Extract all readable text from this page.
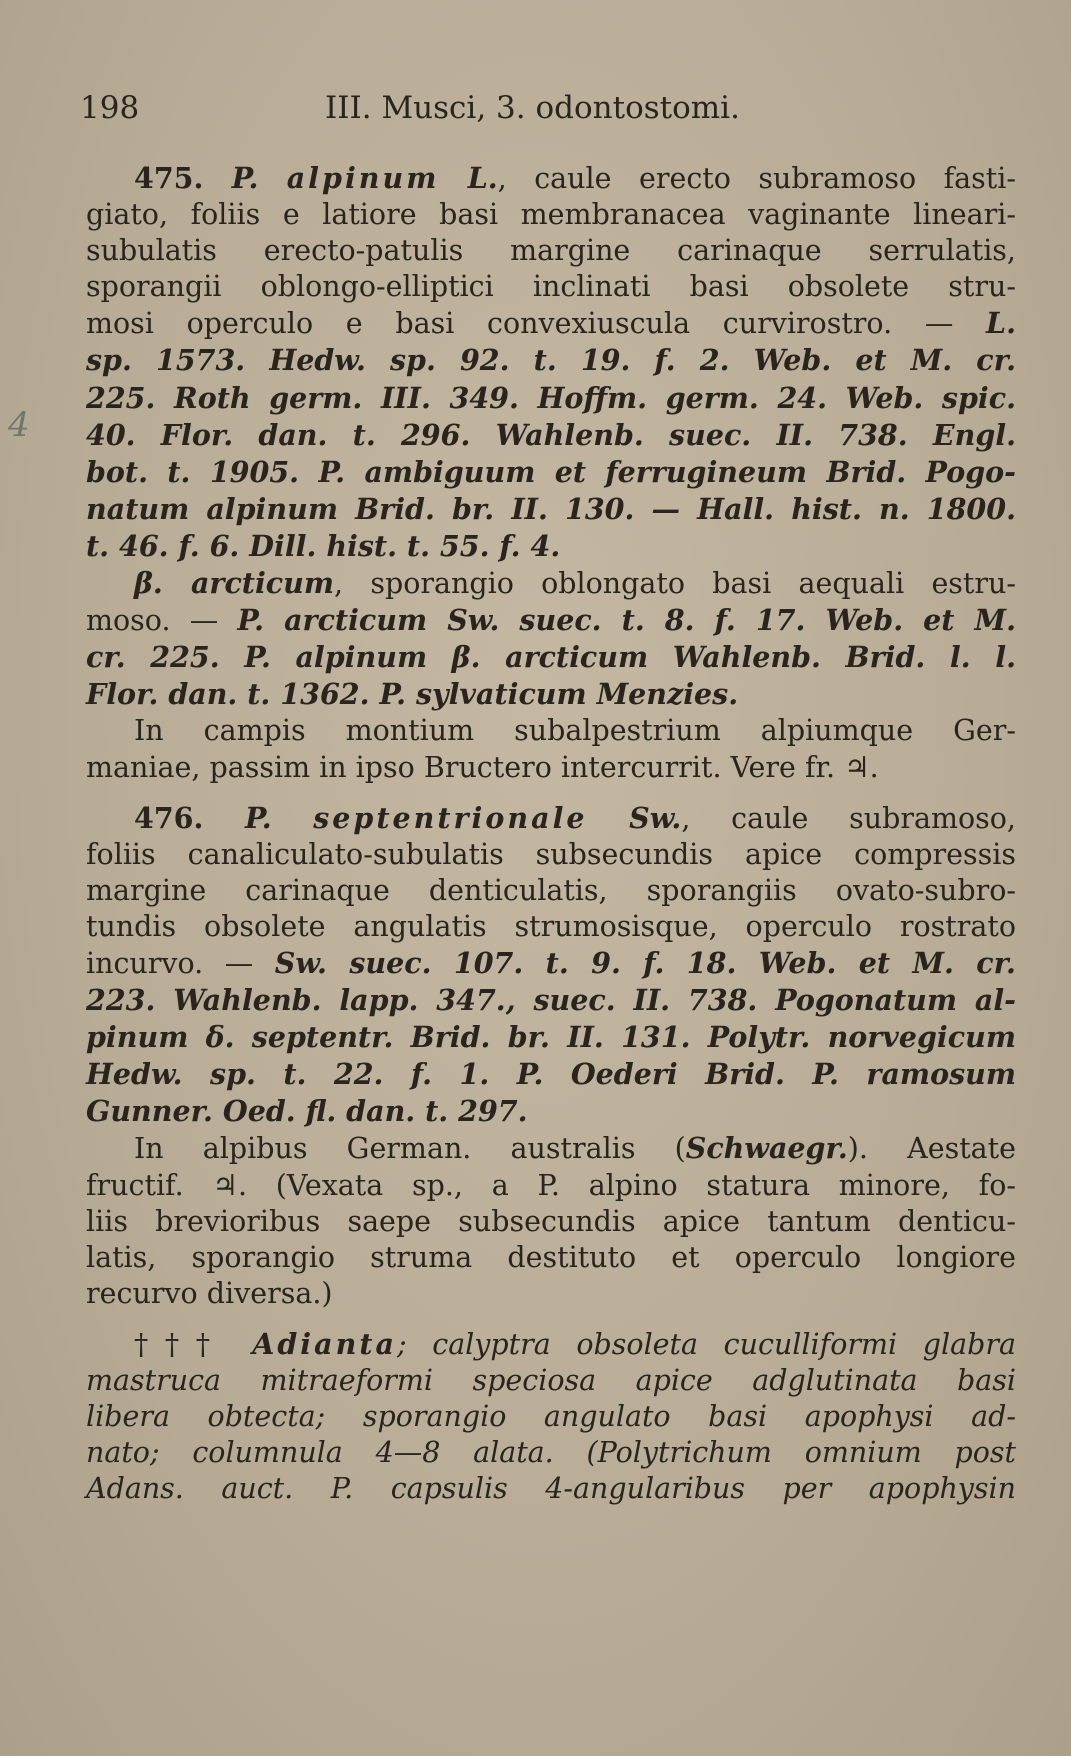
198	III. Musci, 3. odontostomi.
4
475. P. alpinum L., caule erecto subramoso fasti-
giato, foliis e latiore basi membranacea vaginante lineari-
subulatis erecto-patulis margine carinaque serrulatis,
sporangii oblongo-elliptici inclinati basi obsolete stru-
mosi operculo e basi convexiuscula curvirostro. — L.
sp. 1573. Hedw. sp. 92. t. 19. f. 2. Web. et M. cr.
225. Roth germ. III. 349. Hoffm. germ. 24. Web. spic.
40. Flor. dan. t. 296. Wahlenb. suec. II. 738. Engl.
bot. t. 1905. P. ambiguum et ferrugineum Brid. Pogo-
natum alpinum Brid. br. II. 130. — Hall. hist. n. 1800.
t. 46. f. 6. Dill. hist. t. 55. f. 4.
β. arcticum, sporangio oblongato basi aequali estru-
moso. — P. arcticum Sw. suec. t. 8. f. 17. Web. et M.
cr. 225. P. alpinum β. arcticum Wahlenb. Brid. l. l.
Flor. dan. t. 1362. P. sylvaticum Menzies.
In campis montium subalpestrium alpiumque Ger-
maniae, passim in ipso Bructero intercurrit. Vere fr. ♃.
476. P. septentrionale Sw., caule subramoso,
foliis canaliculato-subulatis subsecundis apice compressis
margine carinaque denticulatis, sporangiis ovato-subro-
tundis obsolete angulatis strumosisque, operculo rostrato
incurvo. — Sw. suec. 107. t. 9. f. 18. Web. et M. cr.
223. Wahlenb. lapp. 347., suec. II. 738. Pogonatum al-
pinum δ. septentr. Brid. br. II. 131. Polytr. norvegicum
Hedw. sp. t. 22. f. 1. P. Oederi Brid. P. ramosum
Gunner. Oed. fl. dan. t. 297.
In alpibus German. australis (Schwaegr.). Aestate
fructif. ♃. (Vexata sp., a P. alpino statura minore, fo-
liis brevioribus saepe subsecundis apice tantum denticu-
latis, sporangio struma destituto et operculo longiore
recurvo diversa.)
††† Adianta; calyptra obsoleta cuculliformi glabra
mastruca mitraeformi speciosa apice adglutinata basi
libera obtecta; sporangio angulato basi apophysi ad-
nato; columnula 4—8 alata. (Polytrichum omnium post
Adans. auct. P. capsulis 4-angularibus per apophysin
